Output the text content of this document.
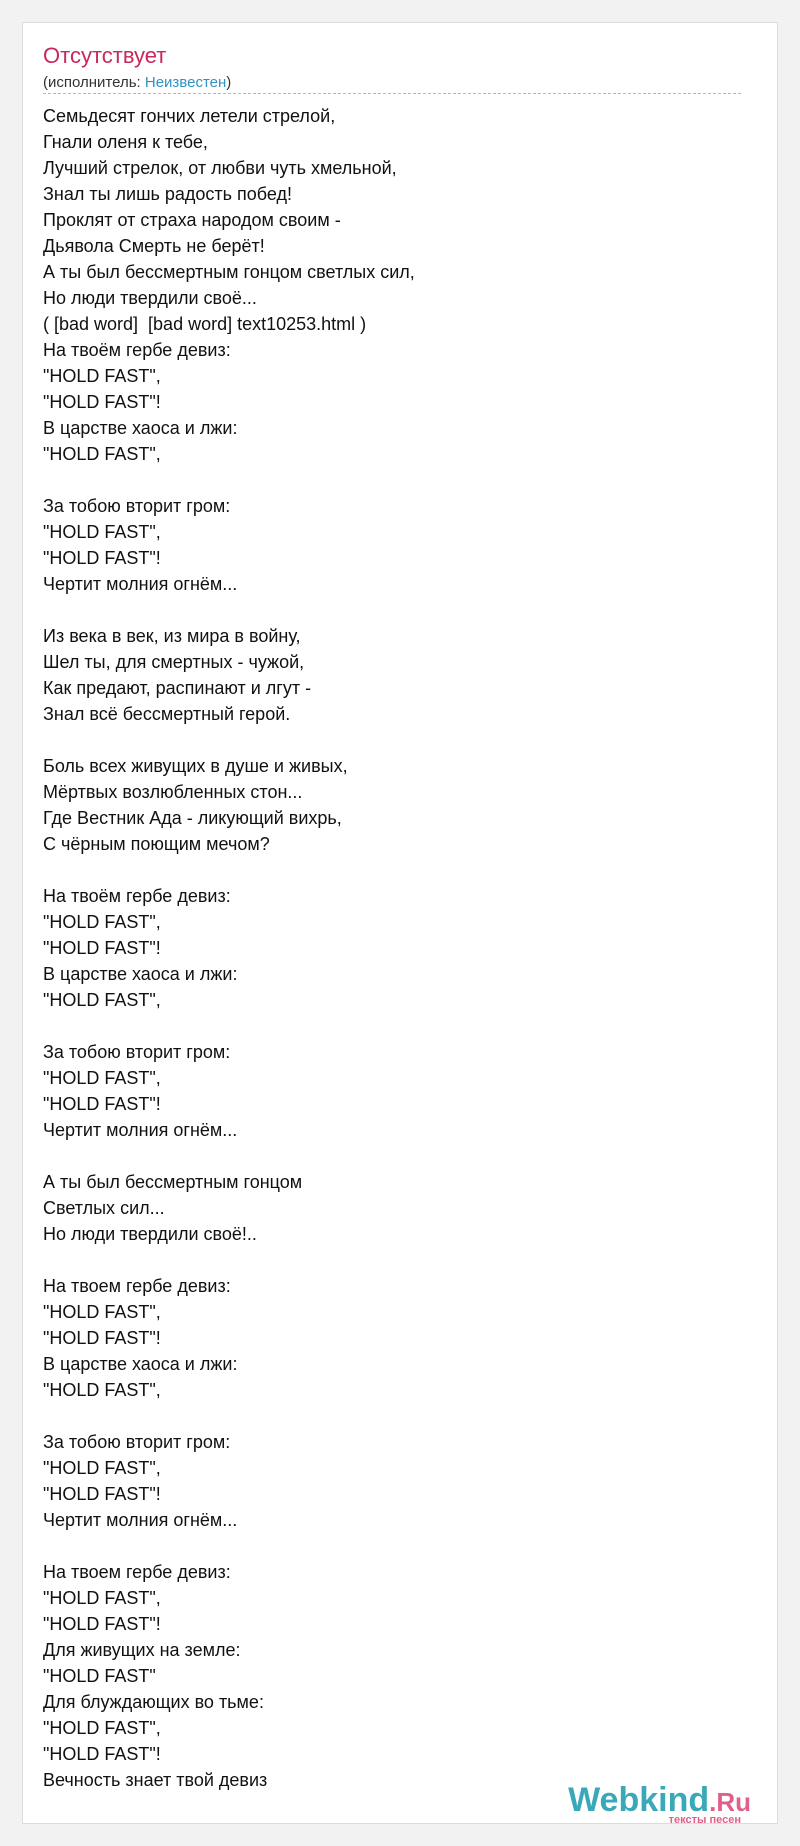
Отсутствует
(исполнитель: Неизвестен)
Семьдесят гончих летели стрелой,
Гнали оленя к тебе,
Лучший стрелок, от любви чуть хмельной,
Знал ты лишь радость побед!
Проклят от страха народом своим -
Дьявола Смерть не берёт!
А ты был бессмертным гонцом светлых сил,
Но люди твердили своё...
( [bad word]  [bad word] text10253.html )
На твоём гербе девиз:
"HOLD FAST",
"HOLD FAST"!
В царстве хаоса и лжи:
"HOLD FAST",
За тобою вторит гром:
"HOLD FAST",
"HOLD FAST"!
Чертит молния огнём...
Из века в век, из мира в войну,
Шел ты, для смертных - чужой,
Как предают, распинают и лгут -
Знал всё бессмертный герой.
Боль всех живущих в душе и живых,
Мёртвых возлюбленных стон...
Где Вестник Ада - ликующий вихрь,
С чёрным поющим мечом?
На твоём гербе девиз:
"HOLD FAST",
"HOLD FAST"!
В царстве хаоса и лжи:
"HOLD FAST",
За тобою вторит гром:
"HOLD FAST",
"HOLD FAST"!
Чертит молния огнём...
А ты был бессмертным гонцом
Светлых сил...
Но люди твердили своё!..
На твоем гербе девиз:
"HOLD FAST",
"HOLD FAST"!
В царстве хаоса и лжи:
"HOLD FAST",
За тобою вторит гром:
"HOLD FAST",
"HOLD FAST"!
Чертит молния огнём...
На твоем гербе девиз:
"HOLD FAST",
"HOLD FAST"!
Для живущих на земле:
"HOLD FAST"
Для блуждающих во тьме:
"HOLD FAST",
"HOLD FAST"!
Вечность знает твой девиз
Webkind.Ru
тексты песен
